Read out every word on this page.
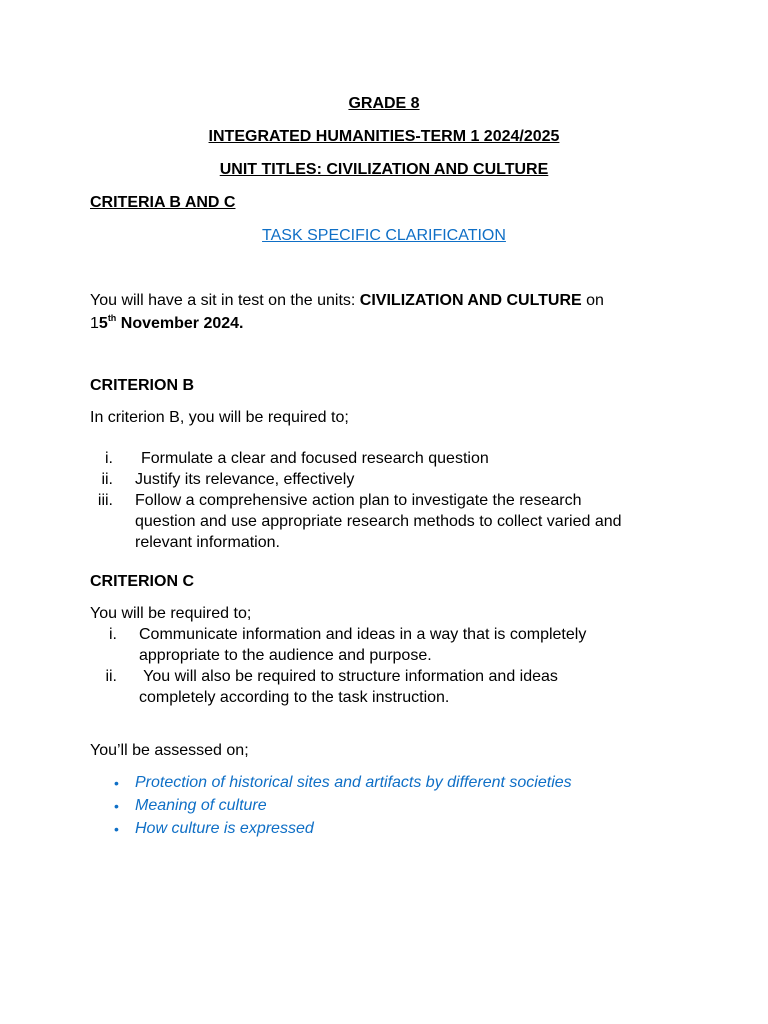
GRADE 8
INTEGRATED HUMANITIES-TERM 1 2024/2025
UNIT TITLES: CIVILIZATION AND CULTURE
CRITERIA B AND C
TASK SPECIFIC CLARIFICATION
You will have a sit in test on the units: CIVILIZATION AND CULTURE on
15th November 2024.
CRITERION B
In criterion B, you will be required to;
i. Formulate a clear and focused research question
ii. Justify its relevance, effectively
iii. Follow a comprehensive action plan to investigate the research
question and use appropriate research methods to collect varied and
relevant information.
CRITERION C
You will be required to;
i. Communicate information and ideas in a way that is completely
appropriate to the audience and purpose.
ii. You will also be required to structure information and ideas
completely according to the task instruction.
You’ll be assessed on;
• Protection of historical sites and artifacts by different societies
• Meaning of culture
• How culture is expressed
